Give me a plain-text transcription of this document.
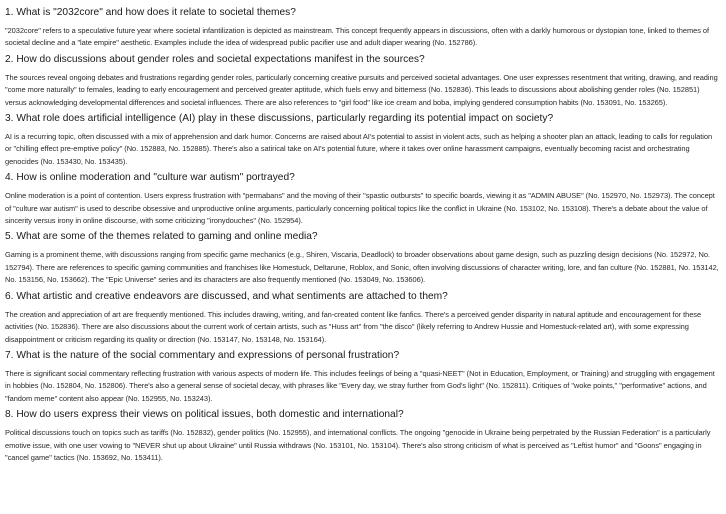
1. What is "2032core" and how does it relate to societal themes?
"2032core" refers to a speculative future year where societal infantilization is depicted as mainstream. This concept frequently appears in discussions, often with a darkly humorous or dystopian tone, linked to themes of societal decline and a "late empire" aesthetic. Examples include the idea of widespread public pacifier use and adult diaper wearing (No. 152786).
2. How do discussions about gender roles and societal expectations manifest in the sources?
The sources reveal ongoing debates and frustrations regarding gender roles, particularly concerning creative pursuits and perceived societal advantages. One user expresses resentment that writing, drawing, and reading "come more naturally" to females, leading to early encouragement and perceived greater aptitude, which fuels envy and bitterness (No. 152836). This leads to discussions about abolishing gender roles (No. 152851) versus acknowledging developmental differences and societal influences. There are also references to "girl food" like ice cream and boba, implying gendered consumption habits (No. 153091, No. 153265).
3. What role does artificial intelligence (AI) play in these discussions, particularly regarding its potential impact on society?
AI is a recurring topic, often discussed with a mix of apprehension and dark humor. Concerns are raised about AI's potential to assist in violent acts, such as helping a shooter plan an attack, leading to calls for regulation or "chilling effect pre-emptive policy" (No. 152883, No. 152885). There's also a satirical take on AI's potential future, where it takes over online harassment campaigns, eventually becoming racist and orchestrating genocides (No. 153430, No. 153435).
4. How is online moderation and "culture war autism" portrayed?
Online moderation is a point of contention. Users express frustration with "permabans" and the moving of their "spastic outbursts" to specific boards, viewing it as "ADMIN ABUSE" (No. 152970, No. 152973). The concept of "culture war autism" is used to describe obsessive and unproductive online arguments, particularly concerning political topics like the conflict in Ukraine (No. 153102, No. 153108). There's a debate about the value of sincerity versus irony in online discourse, with some criticizing "ironydouches" (No. 152954).
5. What are some of the themes related to gaming and online media?
Gaming is a prominent theme, with discussions ranging from specific game mechanics (e.g., Shiren, Viscaria, Deadlock) to broader observations about game design, such as puzzling design decisions (No. 152972, No. 152794). There are references to specific gaming communities and franchises like Homestuck, Deltarune, Roblox, and Sonic, often involving discussions of character writing, lore, and fan culture (No. 152881, No. 153142, No. 153156, No. 153662). The "Epic Universe" series and its characters are also frequently mentioned (No. 153049, No. 153606).
6. What artistic and creative endeavors are discussed, and what sentiments are attached to them?
The creation and appreciation of art are frequently mentioned. This includes drawing, writing, and fan-created content like fanfics. There's a perceived gender disparity in natural aptitude and encouragement for these activities (No. 152836). There are also discussions about the current work of certain artists, such as "Huss art" from "the disco" (likely referring to Andrew Hussie and Homestuck-related art), with some expressing disappointment or criticism regarding its quality or direction (No. 153147, No. 153148, No. 153164).
7. What is the nature of the social commentary and expressions of personal frustration?
There is significant social commentary reflecting frustration with various aspects of modern life. This includes feelings of being a "quasi-NEET" (Not in Education, Employment, or Training) and struggling with engagement in hobbies (No. 152804, No. 152806). There's also a general sense of societal decay, with phrases like "Every day, we stray further from God's light" (No. 152811). Critiques of "woke points," "performative" actions, and "fandom meme" content also appear (No. 152955, No. 153243).
8. How do users express their views on political issues, both domestic and international?
Political discussions touch on topics such as tariffs (No. 152832), gender politics (No. 152955), and international conflicts. The ongoing "genocide in Ukraine being perpetrated by the Russian Federation" is a particularly emotive issue, with one user vowing to "NEVER shut up about Ukraine" until Russia withdraws (No. 153101, No. 153104). There's also strong criticism of what is perceived as "Leftist humor" and "Goons" engaging in "cancel game" tactics (No. 153692, No. 153411).
